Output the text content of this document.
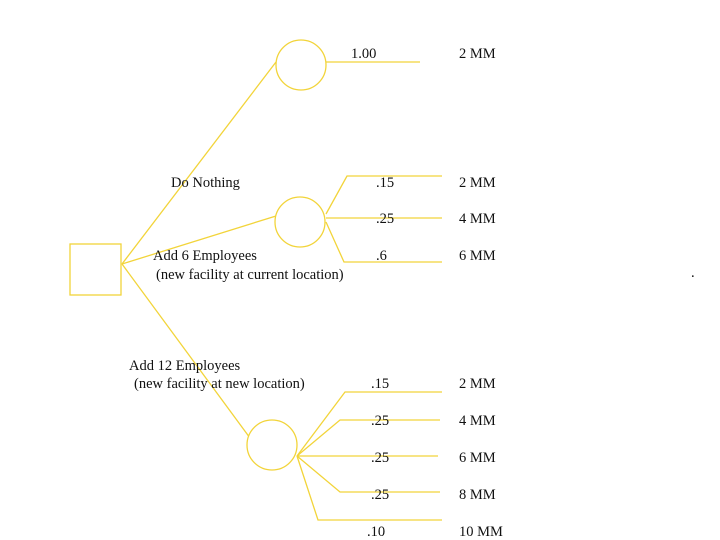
Do Nothing
Add 6 Employees
(new facility at current location)
Add 12 Employees
(new facility at new location)
1.00	2 MM
.15	2 MM
.25	4 MM
.6	6 MM
.15	2 MM
.25	4 MM
.25	6 MM
.25	8 MM
.10	10 MM
.
